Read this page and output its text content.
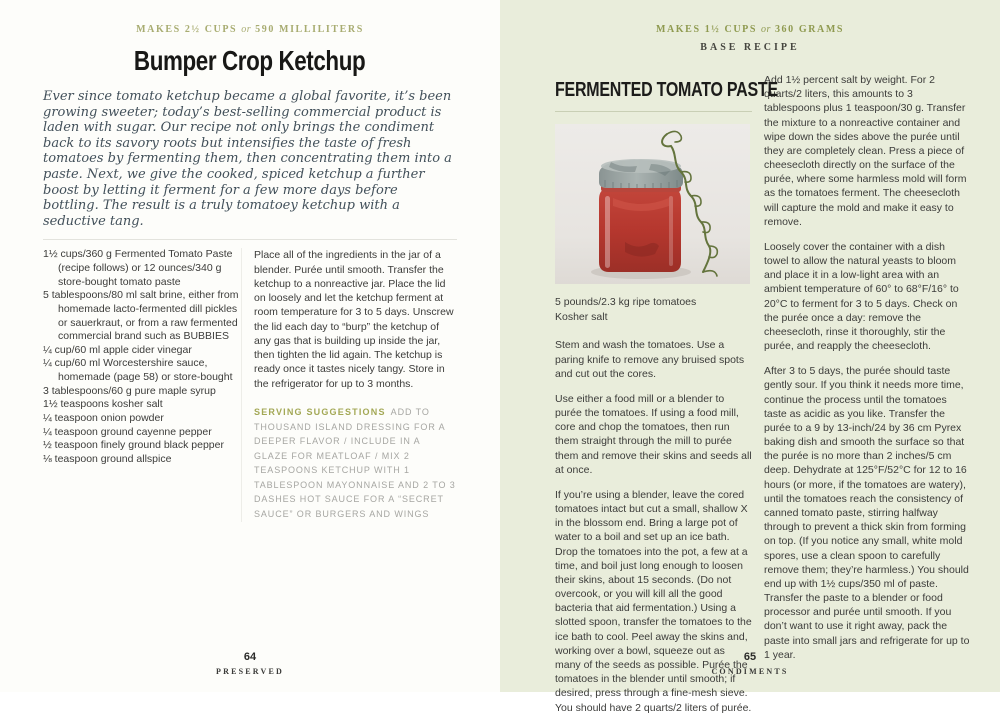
MAKES 2½ CUPS or 590 MILLILITERS
Bumper Crop Ketchup

Ever since tomato ketchup became a global favorite, it’s been growing sweeter; today’s best-selling commercial product is laden with sugar. Our recipe not only brings the condiment back to its savory roots but intensifies the taste of fresh tomatoes by fermenting them, then concentrating them into a paste. Next, we give the cooked, spiced ketchup a further boost by letting it ferment for a few more days before bottling. The result is a truly tomatoey ketchup with a seductive tang.

1½ cups/360 g Fermented Tomato Paste (recipe follows) or 12 ounces/340 g store-bought tomato paste
5 tablespoons/80 ml salt brine, either from homemade lacto-fermented dill pickles or sauerkraut, or from a raw fermented commercial brand such as BUBBIES
¼ cup/60 ml apple cider vinegar
¼ cup/60 ml Worcestershire sauce, homemade (page 58) or store-bought
3 tablespoons/60 g pure maple syrup
1½ teaspoons kosher salt
¼ teaspoon onion powder
¼ teaspoon ground cayenne pepper
½ teaspoon finely ground black pepper
⅛ teaspoon ground allspice

Place all of the ingredients in the jar of a blender. Purée until smooth. Transfer the ketchup to a nonreactive jar. Place the lid on loosely and let the ketchup ferment at room temperature for 3 to 5 days. Unscrew the lid each day to “burp” the ketchup of any gas that is building up inside the jar, then tighten the lid again. The ketchup is ready once it tastes nicely tangy. Store in the refrigerator for up to 3 months.

SERVING SUGGESTIONS ADD TO THOUSAND ISLAND DRESSING FOR A DEEPER FLAVOR / INCLUDE IN A GLAZE FOR MEATLOAF / MIX 2 TEASPOONS KETCHUP WITH 1 TABLESPOON MAYONNAISE AND 2 TO 3 DASHES HOT SAUCE FOR A “SECRET SAUCE” OR BURGERS AND WINGS

64
PRESERVED
MAKES 1½ CUPS or 360 GRAMS
BASE RECIPE
FERMENTED TOMATO PASTE
5 pounds/2.3 kg ripe tomatoes
Kosher salt

Stem and wash the tomatoes. Use a paring knife to remove any bruised spots and cut out the cores.

Use either a food mill or a blender to purée the tomatoes. If using a food mill, core and chop the tomatoes, then run them straight through the mill to purée them and remove their skins and seeds all at once.

If you’re using a blender, leave the cored tomatoes intact but cut a small, shallow X in the blossom end. Bring a large pot of water to a boil and set up an ice bath. Drop the tomatoes into the pot, a few at a time, and boil just long enough to loosen their skins, about 15 seconds. (Do not overcook, or you will kill all the good bacteria that aid fermentation.) Using a slotted spoon, transfer the tomatoes to the ice bath to cool. Peel away the skins and, working over a bowl, squeeze out as many of the seeds as possible. Purée the tomatoes in the blender until smooth; if desired, press through a fine-mesh sieve. You should have 2 quarts/2 liters of purée.

Add 1½ percent salt by weight. For 2 quarts/2 liters, this amounts to 3 tablespoons plus 1 teaspoon/30 g. Transfer the mixture to a nonreactive container and wipe down the sides above the purée until they are completely clean. Press a piece of cheesecloth directly on the surface of the purée, where some harmless mold will form as the tomatoes ferment. The cheesecloth will capture the mold and make it easy to remove.

Loosely cover the container with a dish towel to allow the natural yeasts to bloom and place it in a low-light area with an ambient temperature of 60° to 68°F/16° to 20°C to ferment for 3 to 5 days. Check on the purée once a day: remove the cheesecloth, rinse it thoroughly, stir the purée, and reapply the cheesecloth.

After 3 to 5 days, the purée should taste gently sour. If you think it needs more time, continue the process until the tomatoes taste as acidic as you like. Transfer the purée to a 9 by 13-inch/24 by 36 cm Pyrex baking dish and smooth the surface so that the purée is no more than 2 inches/5 cm deep. Dehydrate at 125°F/52°C for 12 to 16 hours (or more, if the tomatoes are watery), until the tomatoes reach the consistency of canned tomato paste, stirring halfway through to prevent a thick skin from forming on top. (If you notice any small, white mold spores, use a clean spoon to carefully remove them; they’re harmless.) You should end up with 1½ cups/350 ml of paste. Transfer the paste to a blender or food processor and purée until smooth. If you don’t want to use it right away, pack the paste into small jars and refrigerate for up to 1 year.

65
CONDIMENTS
